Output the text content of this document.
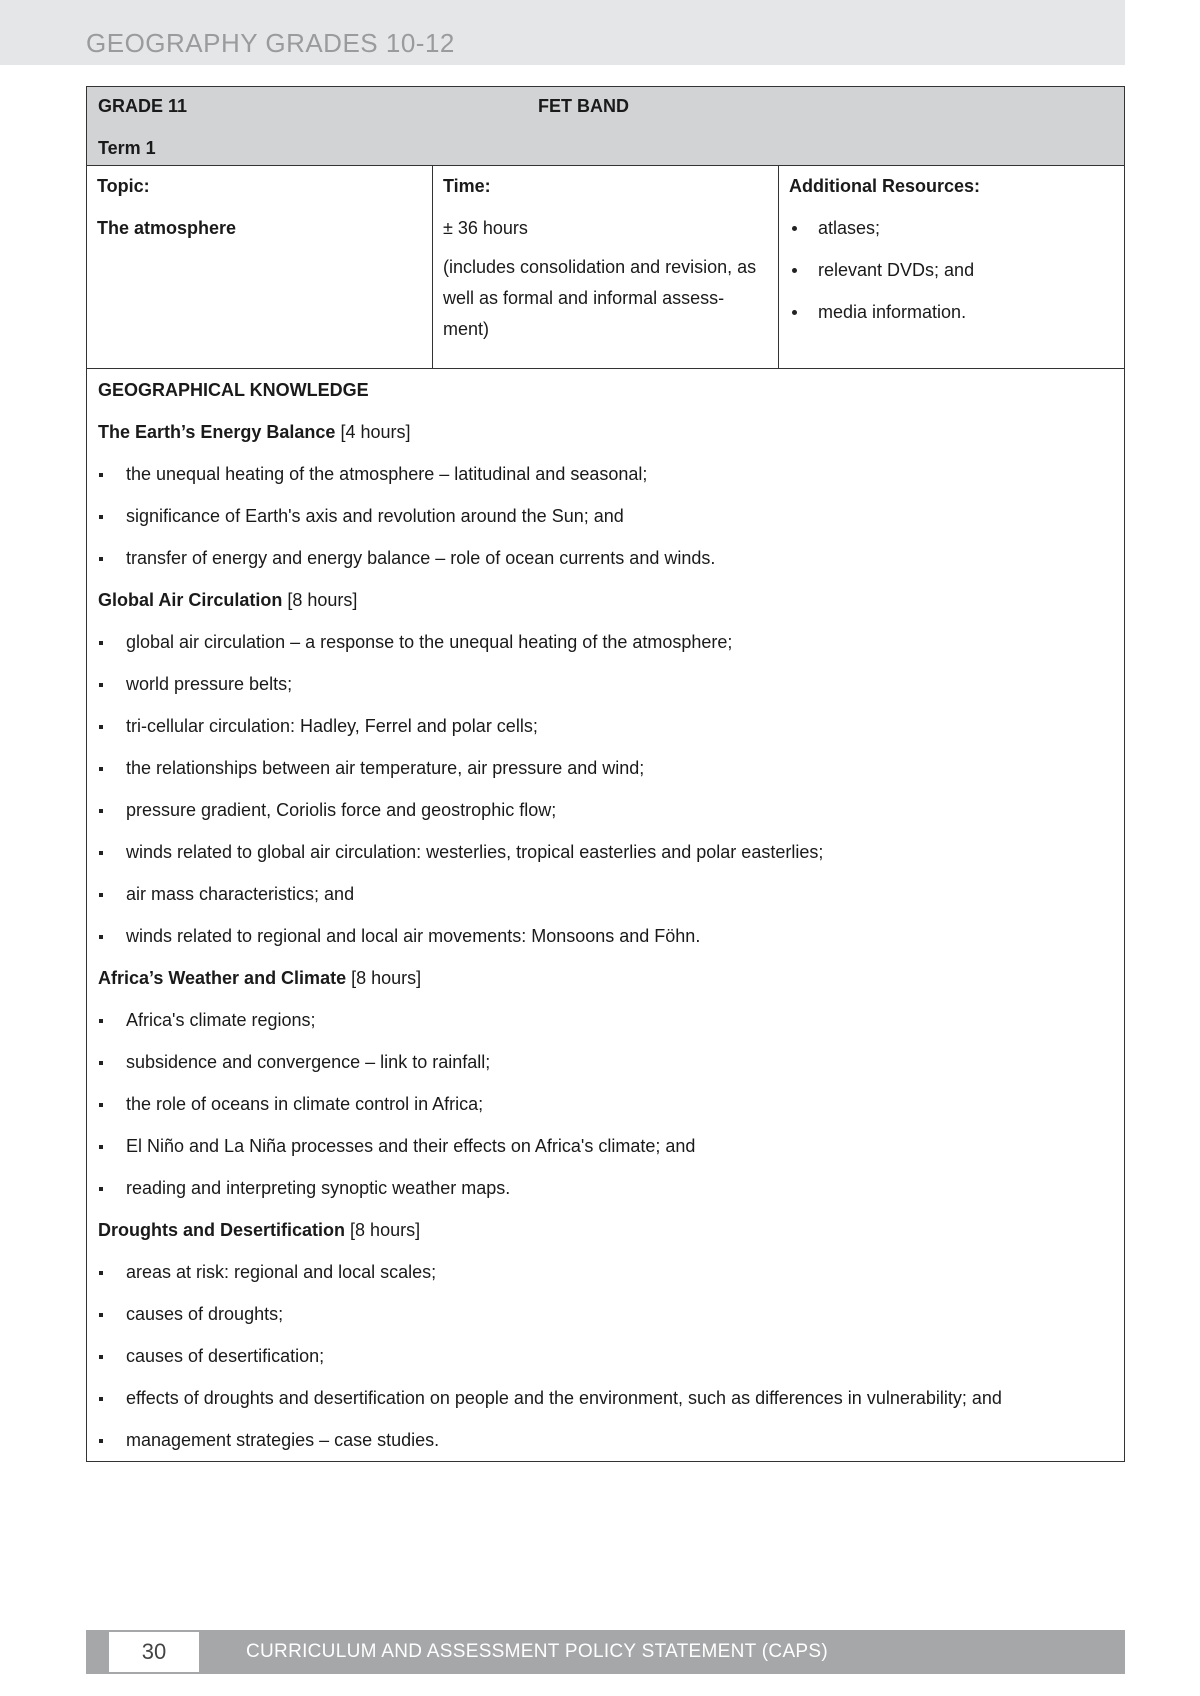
GEOGRAPHY GRADES 10-12
GRADE 11	FET BAND
Term 1
Topic:
The atmosphere
Time:
± 36 hours
(includes consolidation and revision, as well as formal and informal assess-ment)
Additional Resources:
atlases;
relevant DVDs; and
media information.
GEOGRAPHICAL KNOWLEDGE
The Earth’s Energy Balance [4 hours]
the unequal heating of the atmosphere – latitudinal and seasonal;
significance of Earth's axis and revolution around the Sun; and
transfer of energy and energy balance – role of ocean currents and winds.
Global Air Circulation [8 hours]
global air circulation – a response to the unequal heating of the atmosphere;
world pressure belts;
tri-cellular circulation: Hadley, Ferrel and polar cells;
the relationships between air temperature, air pressure and wind;
pressure gradient, Coriolis force and geostrophic flow;
winds related to global air circulation: westerlies, tropical easterlies and polar easterlies;
air mass characteristics; and
winds related to regional and local air movements: Monsoons and Föhn.
Africa’s Weather and Climate [8 hours]
Africa's climate regions;
subsidence and convergence – link to rainfall;
the role of oceans in climate control in Africa;
El Niño and La Niña processes and their effects on Africa's climate; and
reading and interpreting synoptic weather maps.
Droughts and Desertification [8 hours]
areas at risk: regional and local scales;
causes of droughts;
causes of desertification;
effects of droughts and desertification on people and the environment, such as differences in vulnerability; and
management strategies – case studies.
30	CURRICULUM AND ASSESSMENT POLICY STATEMENT (CAPS)
